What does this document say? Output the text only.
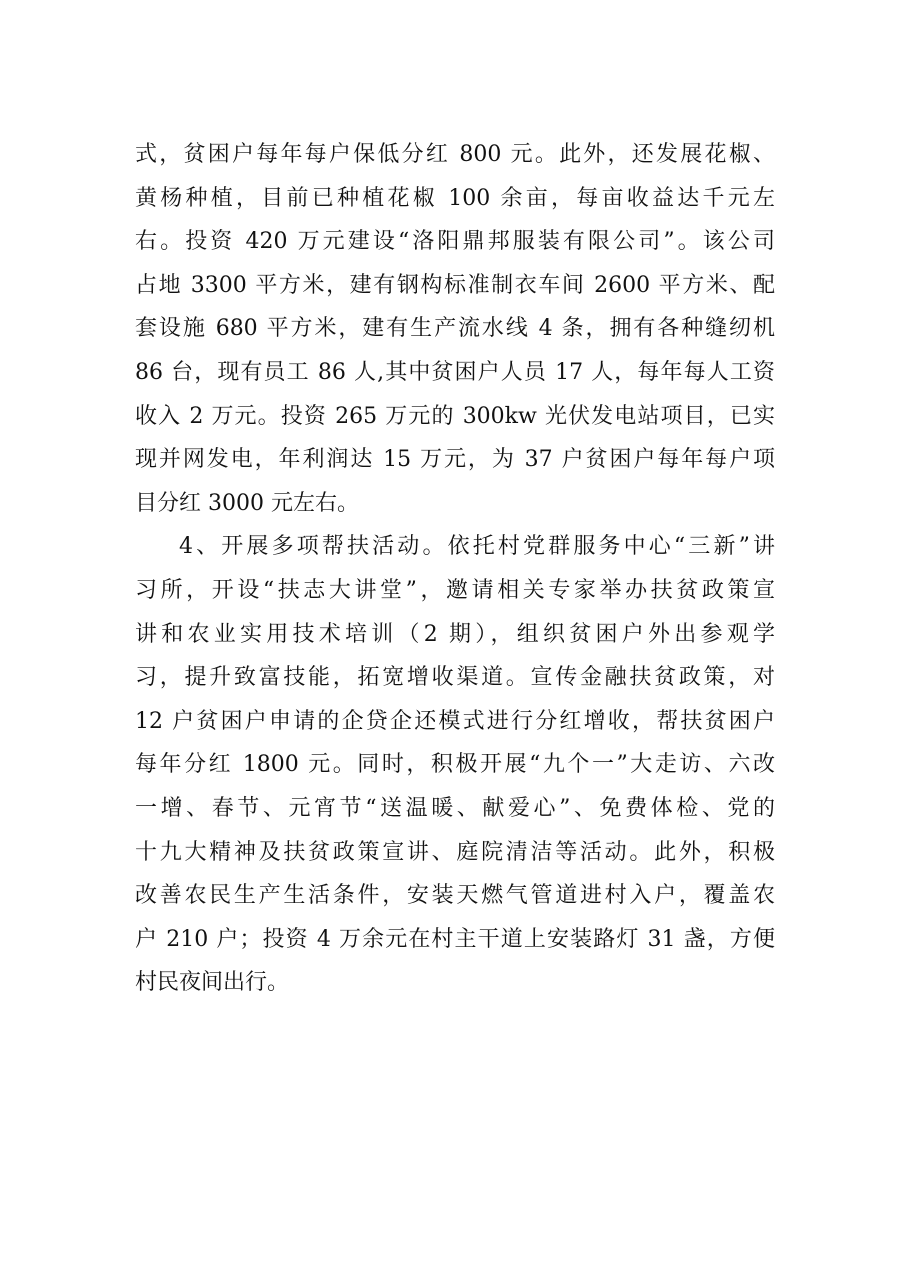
式，贫困户每年每户保低分红 800 元。此外，还发展花椒、
黄杨种植，目前已种植花椒 100 余亩，每亩收益达千元左
右。投资 420 万元建设“洛阳鼎邦服装有限公司”。该公司
占地 3300 平方米，建有钢构标准制衣车间 2600 平方米、配
套设施 680 平方米，建有生产流水线 4 条，拥有各种缝纫机
86 台，现有员工 86 人,其中贫困户人员 17 人，每年每人工资
收入 2 万元。投资 265 万元的 300kw 光伏发电站项目，已实
现并网发电，年利润达 15 万元，为 37 户贫困户每年每户项
目分红 3000 元左右。
4、开展多项帮扶活动。依托村党群服务中心“三新”讲
习所，开设“扶志大讲堂”，邀请相关专家举办扶贫政策宣
讲和农业实用技术培训（2 期），组织贫困户外出参观学
习，提升致富技能，拓宽增收渠道。宣传金融扶贫政策，对
12 户贫困户申请的企贷企还模式进行分红增收，帮扶贫困户
每年分红 1800 元。同时，积极开展“九个一”大走访、六改
一增、春节、元宵节“送温暖、献爱心”、免费体检、党的
十九大精神及扶贫政策宣讲、庭院清洁等活动。此外，积极
改善农民生产生活条件，安装天燃气管道进村入户，覆盖农
户 210 户；投资 4 万余元在村主干道上安装路灯 31 盏，方便
村民夜间出行。
